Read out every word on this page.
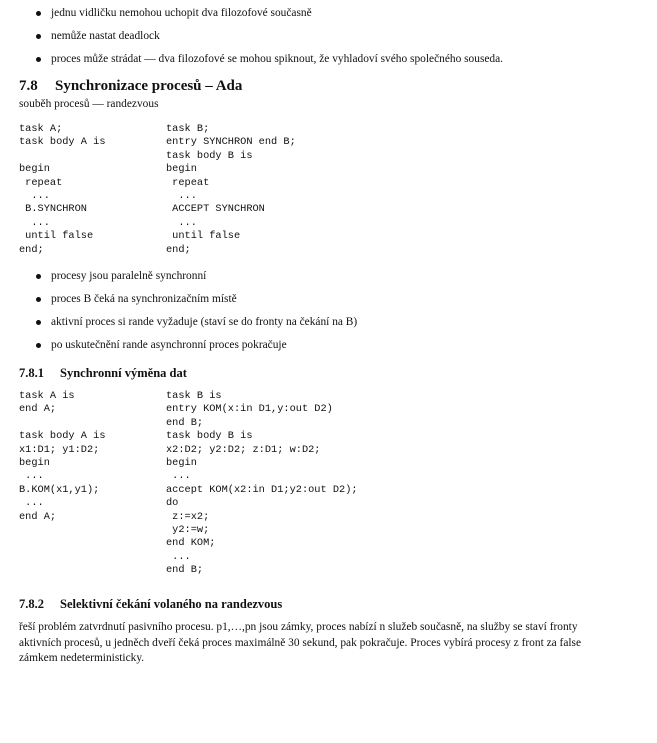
jednu vidličku nemohou uchopit dva filozofové současně
nemůže nastat deadlock
proces může strádat — dva filozofové se mohou spiknout, že vyhladoví svého společného souseda.
7.8 Synchronizace procesů – Ada
souběh procesů — randezvous
task A;
task body A is
begin
repeat
...
B.SYNCHRON
...
until false
end;
task B;
entry SYNCHRON end B;
task body B is
begin
repeat
...
ACCEPT SYNCHRON
...
until false
end;
procesy jsou paralelně synchronní
proces B čeká na synchronizačním místě
aktivní proces si rande vyžaduje (staví se do fronty na čekání na B)
po uskutečnění rande asynchronní proces pokračuje
7.8.1 Synchronní výměna dat
task A is
end A;
task body A is
x1:D1; y1:D2;
begin
...
B.KOM(x1,y1);
...
end A;
task B is
entry KOM(x:in D1,y:out D2)
end B;
task body B is
x2:D2; y2:D2; z:D1; w:D2;
begin
...
accept KOM(x2:in D1;y2:out D2);
do
z:=x2;
y2:=w;
end KOM;
...
end B;
7.8.2 Selektivní čekání volaného na randezvous
řeší problém zatvrdnutí pasivního procesu. p1,…,pn jsou zámky, proces nabízí n služeb současně, na služby se staví fronty aktivních procesů, u jedněch dveří čeká proces maximálně 30 sekund, pak pokračuje. Proces vybírá procesy z front za false zámkem nedeterministicky.
